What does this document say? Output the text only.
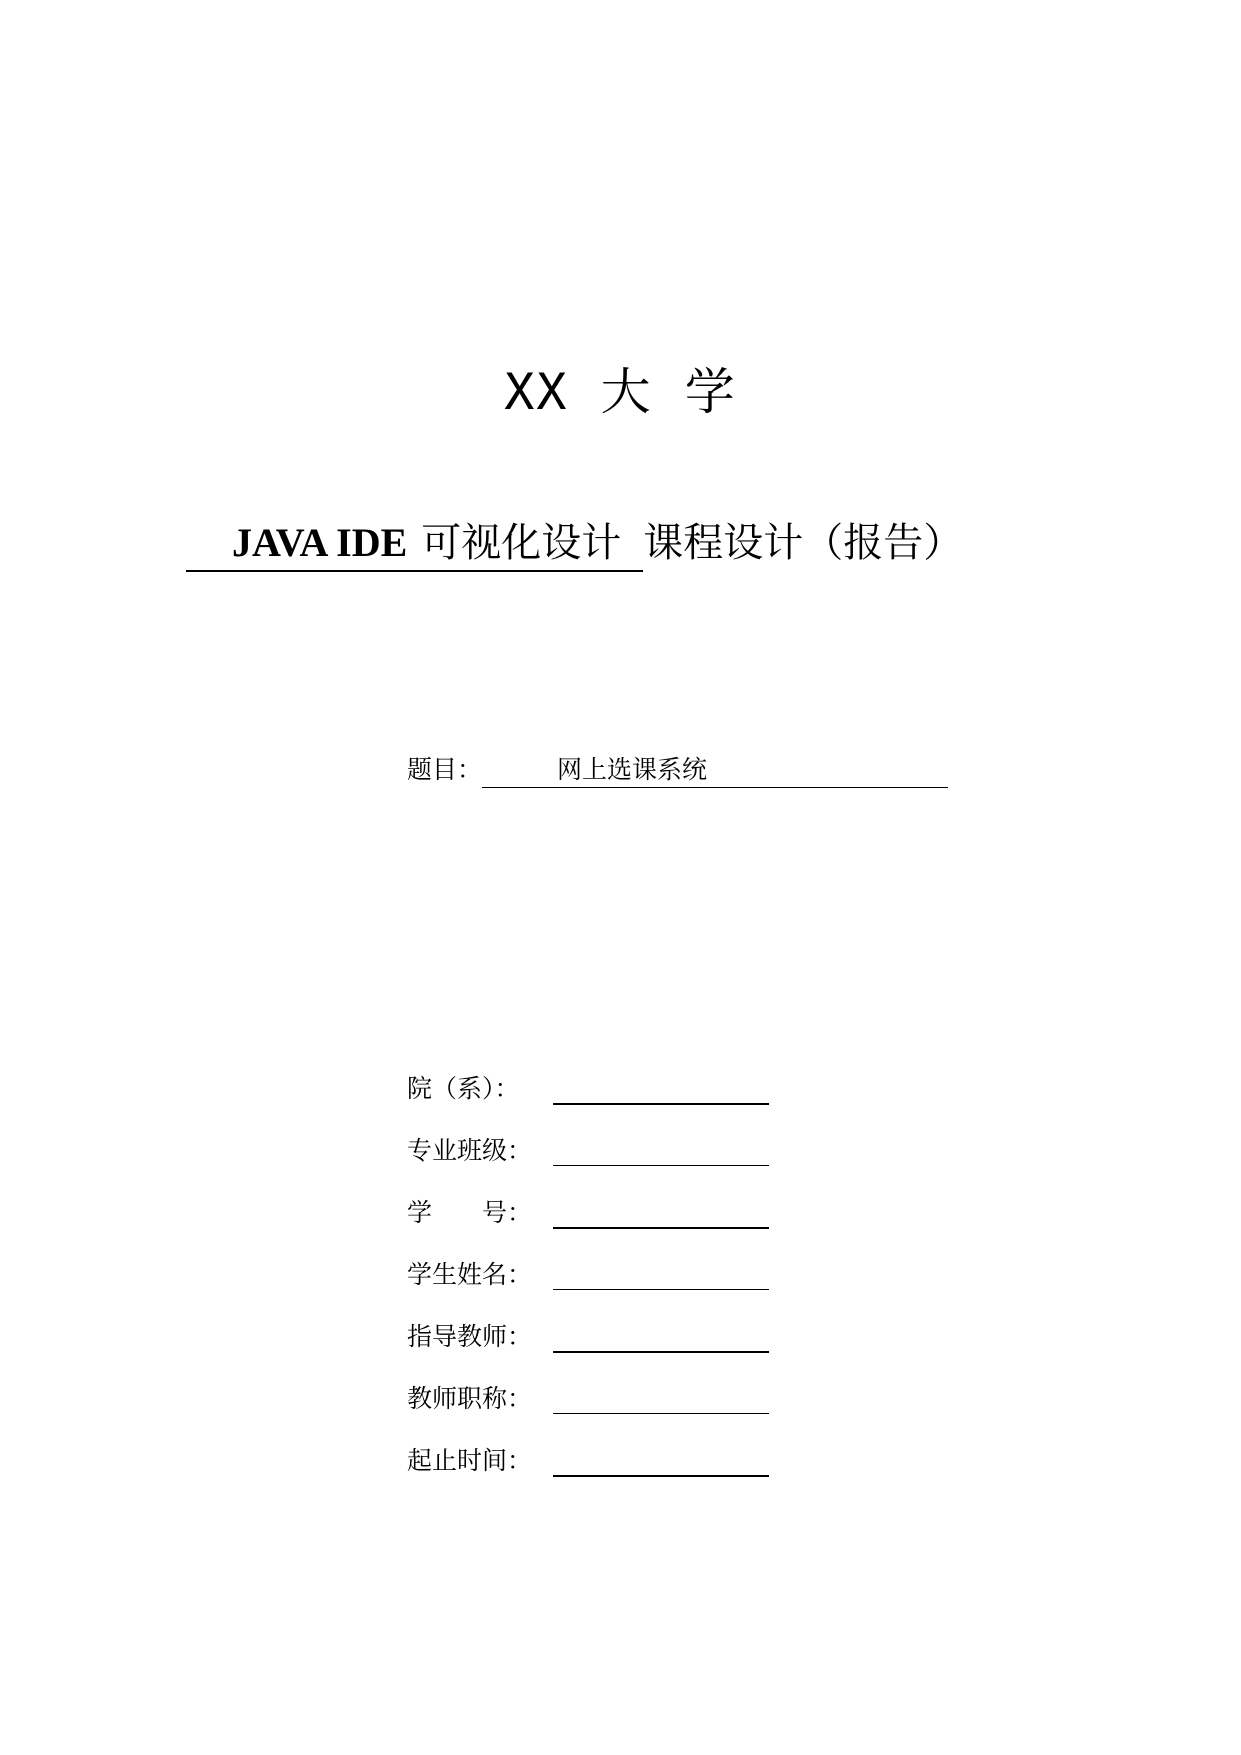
XX 大 学
JAVA IDE 可视化设计 课程设计（报告）
题目：	网上选课系统
院（系）：
专业班级：
学　　号：
学生姓名：
指导教师：
教师职称：
起止时间：
